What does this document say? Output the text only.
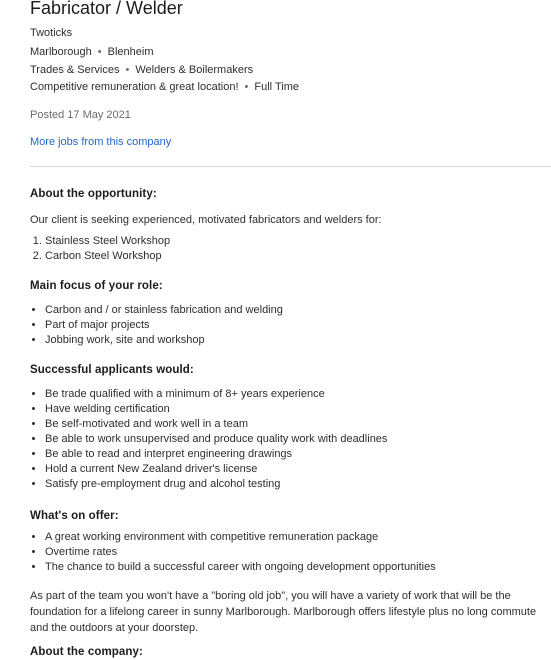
Fabricator / Welder
Twoticks
Marlborough • Blenheim
Trades & Services • Welders & Boilermakers
Competitive remuneration & great location! • Full Time
Posted 17 May 2021
More jobs from this company
About the opportunity:

Our client is seeking experienced, motivated fabricators and welders for:

1. Stainless Steel Workshop
2. Carbon Steel Workshop
Main focus of your role:
• Carbon and / or stainless fabrication and welding
• Part of major projects
• Jobbing work, site and workshop
Successful applicants would:
• Be trade qualified with a minimum of 8+ years experience
• Have welding certification
• Be self-motivated and work well in a team
• Be able to work unsupervised and produce quality work with deadlines
• Be able to read and interpret engineering drawings
• Hold a current New Zealand driver's license
• Satisfy pre-employment drug and alcohol testing
What's on offer:
• A great working environment with competitive remuneration package
• Overtime rates
• The chance to build a successful career with ongoing development opportunities

As part of the team you won't have a "boring old job", you will have a variety of work that will be the foundation for a lifelong career in sunny Marlborough. Marlborough offers lifestyle plus no long commute and the outdoors at your doorstep.

About the company:
